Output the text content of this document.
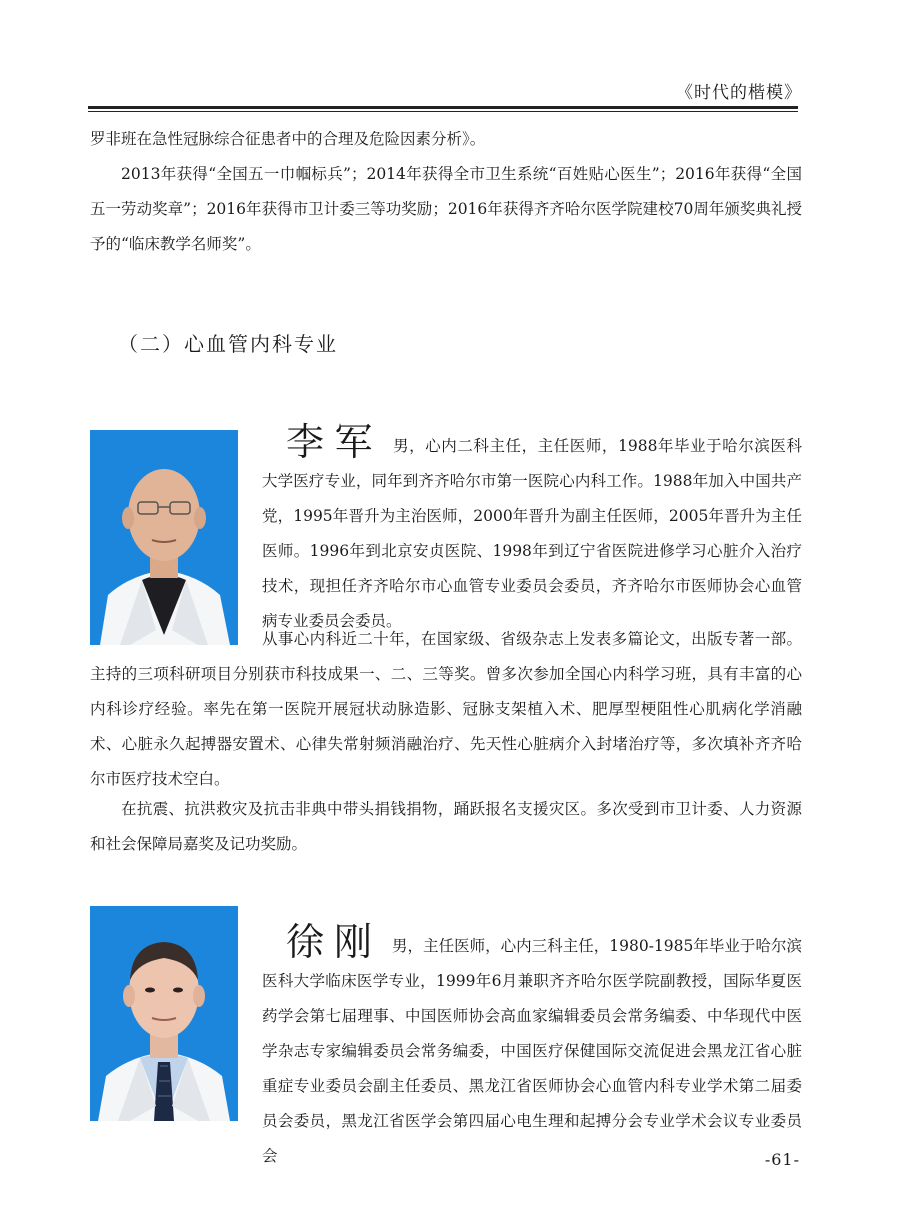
《时代的楷模》

罗非班在急性冠脉综合征患者中的合理及危险因素分析》。

2013年获得“全国五一巾帼标兵”；2014年获得全市卫生系统“百姓贴心医生”；2016年获得“全国五一劳动奖章”；2016年获得市卫计委三等功奖励；2016年获得齐齐哈尔医学院建校70周年颁奖典礼授予的“临床教学名师奖”。

（二）心血管内科专业

李军 男，心内二科主任，主任医师，1988年毕业于哈尔滨医科大学医疗专业，同年到齐齐哈尔市第一医院心内科工作。1988年加入中国共产党，1995年晋升为主治医师，2000年晋升为副主任医师，2005年晋升为主任医师。1996年到北京安贞医院、1998年到辽宁省医院进修学习心脏介入治疗技术，现担任齐齐哈尔市心血管专业委员会委员，齐齐哈尔市医师协会心血管病专业委员会委员。

从事心内科近二十年，在国家级、省级杂志上发表多篇论文，出版专著一部。主持的三项科研项目分别获市科技成果一、二、三等奖。曾多次参加全国心内科学习班，具有丰富的心内科诊疗经验。率先在第一医院开展冠状动脉造影、冠脉支架植入术、肥厚型梗阻性心肌病化学消融术、心脏永久起搏器安置术、心律失常射频消融治疗、先天性心脏病介入封堵治疗等，多次填补齐齐哈尔市医疗技术空白。

在抗震、抗洪救灾及抗击非典中带头捐钱捐物，踊跃报名支援灾区。多次受到市卫计委、人力资源和社会保障局嘉奖及记功奖励。

徐刚 男，主任医师，心内三科主任，1980-1985年毕业于哈尔滨医科大学临床医学专业，1999年6月兼职齐齐哈尔医学院副教授，国际华夏医药学会第七届理事、中国医师协会高血家编辑委员会常务编委、中华现代中医学杂志专家编辑委员会常务编委，中国医疗保健国际交流促进会黑龙江省心脏重症专业委员会副主任委员、黑龙江省医师协会心血管内科专业学术第二届委员会委员，黑龙江省医学会第四届心电生理和起搏分会专业学术会议专业委员会	-61-
